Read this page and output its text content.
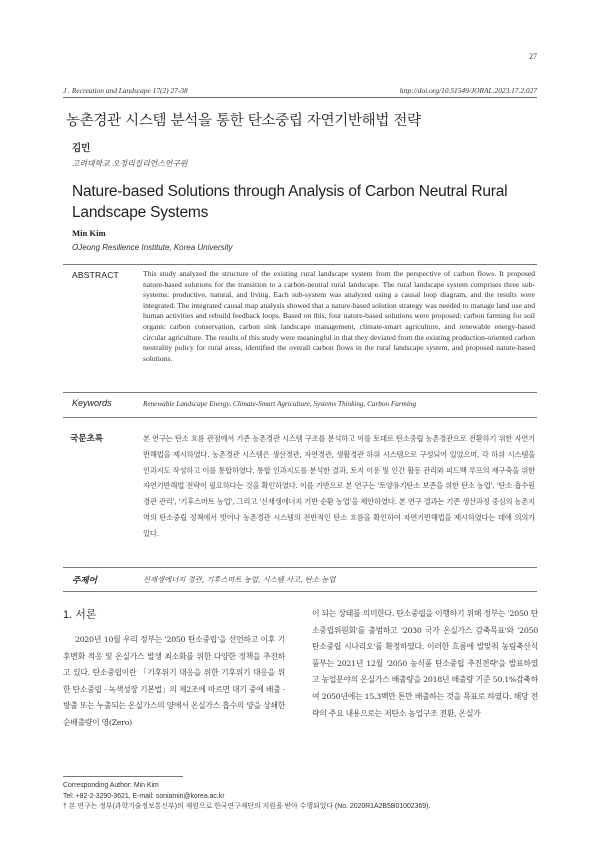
27
J . Recreation and Landscape 17(2) 27-38	http://doi.org/10.51549/JORAL.2023.17.2.027
농촌경관 시스템 분석을 통한 탄소중립 자연기반해법 전략
김민
고려대학교 오정리질리언스연구원
Nature-based Solutions through Analysis of Carbon Neutral Rural Landscape Systems
Min Kim
OJeong Resilience Institute, Korea University
ABSTRACT	This study analyzed the structure of the existing rural landscape system from the perspective of carbon flows. It proposed nature-based solutions for the transition to a carbon-neutral rural landscape. The rural landscape system comprises three sub-systems: productive, natural, and living. Each sub-system was analyzed using a causal loop diagram, and the results were integrated. The integrated causal map analysis showed that a nature-based solution strategy was needed to manage land use and human activities and rebuild feedback loops. Based on this, four nature-based solutions were proposed: carbon farming for soil organic carbon conservation, carbon sink landscape management, climate-smart agriculture, and renewable energy-based circular agriculture. The results of this study were meaningful in that they deviated from the existing production-oriented carbon neutrality policy for rural areas, identified the overall carbon flows in the rural landscape system, and proposed nature-based solutions.
Keywords	Renewable Landscape Energy, Climate-Smart Agriculture, Systems Thinking, Carbon Farming
국문초록	본 연구는 탄소 흐름 관점에서 기존 농촌경관 시스템 구조를 분석하고 이를 토대로 탄소중립 농촌경관으로 전환하기 위한 자연기반해법을 제시하였다. 농촌경관 시스템은 생산경관, 자연경관, 생활경관 하위 시스템으로 구성되어 있었으며, 각 하위 시스템을 인과지도 작성하고 이를 통합하였다. 통합 인과지도를 분석한 결과, 토지 이용 및 인간 활동 관리와 피드백 루프의 재구축을 위한 자연기반해법 전략이 필요하다는 것을 확인하였다. 이를 기반으로 본 연구는 '토양유기탄소 보존을 위한 탄소 농업', '탄소 흡수원 경관 관리', '기후스마트 농업', 그리고 '신재생에너지 기반 순환 농업'을 제안하였다. 본 연구 결과는 기존 생산과정 중심의 농촌지역의 탄소중립 정책에서 벗어나 농촌경관 시스템의 전반적인 탄소 흐름을 확인하여 자연기반해법을 제시하였다는 데에 의의가 있다.
주제어	신재생에너지 경관, 기후스마트 농업, 시스템 사고, 탄소 농업
1. 서론
2020년 10월 우리 정부는 '2050 탄소중립'을 선언하고 이후 기후변화 적응 및 온실가스 발생 최소화를 위한 다양한 정책을 추진하고 있다. 탄소중립이란 「기후위기 대응을 위한 기후위기 대응을 위한 탄소중립 · 녹색성장 기본법」의 제2조에 따르면 대기 중에 배출 · 방출 또는 누출되는 온실가스의 양에서 온실가스 흡수의 양을 상쇄한 순배출량이 영(Zero)
이 되는 상태를 의미한다. 탄소중립을 이행하기 위해 정부는 '2050 탄소중립위원회'를 출범하고 '2030 국가 온실가스 감축목표'와 '2050 탄소중립 시나리오'를 확정하였다. 이러한 흐름에 발맞춰 농림축산식품부는 2021년 12월 '2050 농식품 탄소중립 추진전략'을 발표하였고 농업분야의 온실가스 배출량을 2018년 배출량 기준 50.1%감축하여 2050년에는 15.3백만 톤만 배출하는 것을 목표로 하였다. 해당 전략의 주요 내용으로는 저탄소 농업구조 전환, 온실가
Corresponding Author: Min Kim
Tel: +82-2-3290-3621, E-mail: soniamin@korea.ac.kr
† 본 연구는 정부(과학기술정보통신부)의 재원으로 한국연구재단의 지원을 받아 수행되었다 (No. 2020R1A2B5B01002369).
